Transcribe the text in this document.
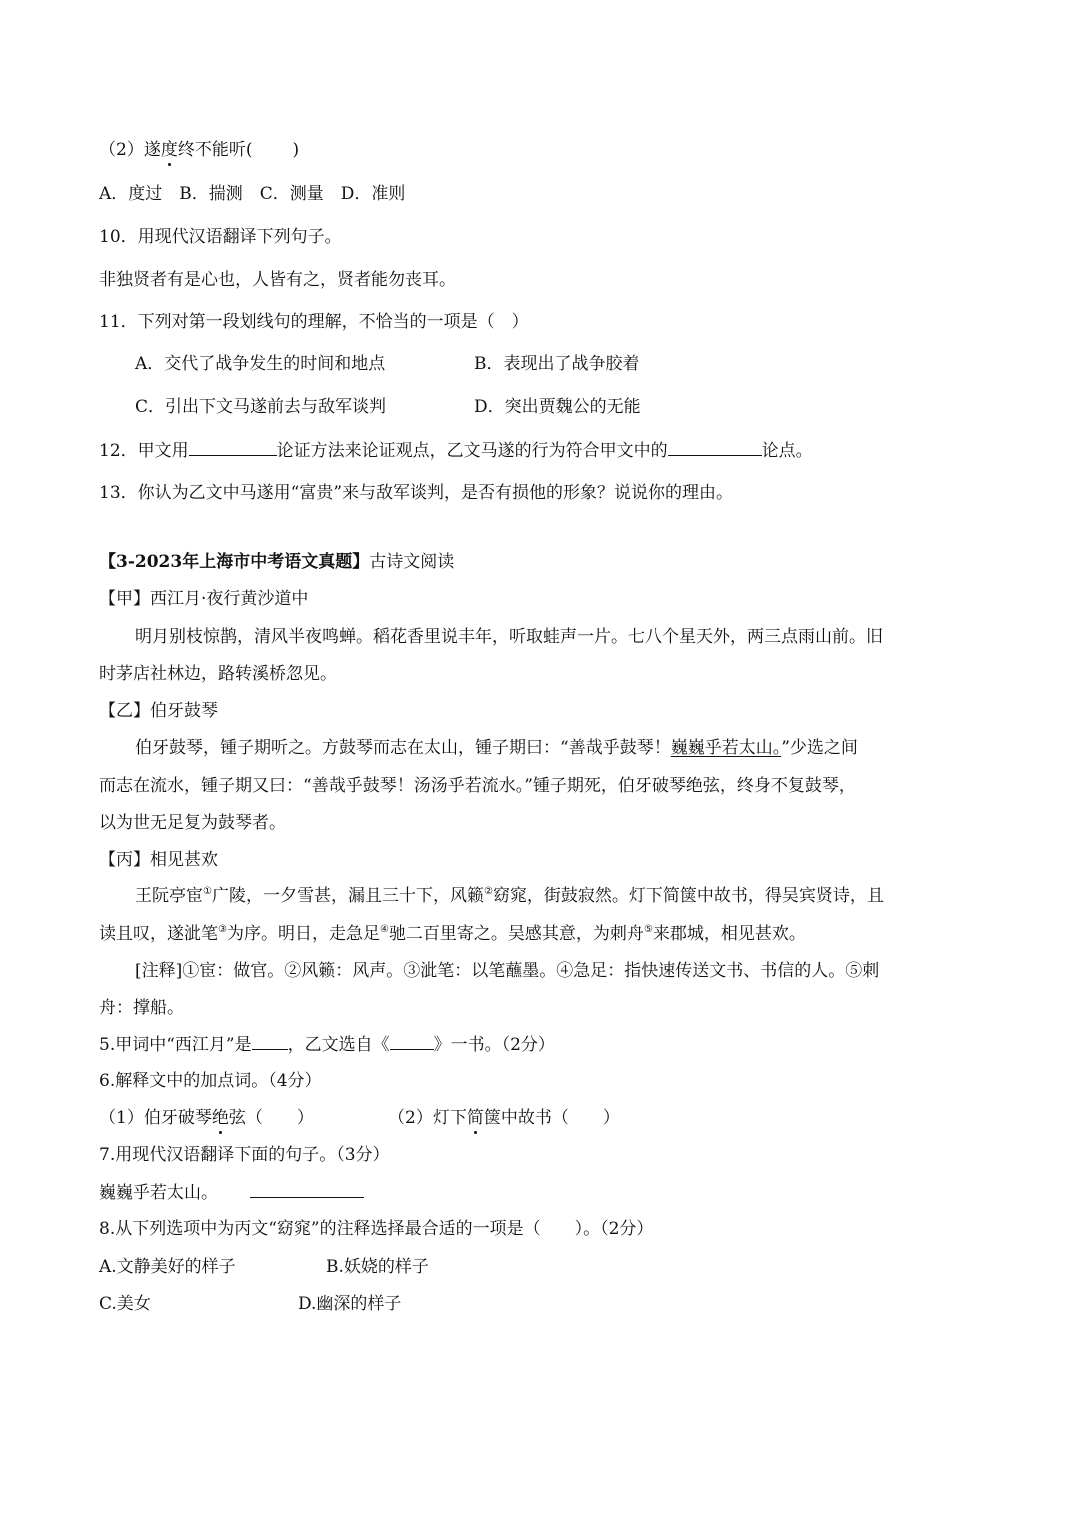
（2）遂度终不能听( )

A．度过　B．揣测　C．测量　D．准则

10．用现代汉语翻译下列句子。

非独贤者有是心也，人皆有之，贤者能勿丧耳。

11．下列对第一段划线句的理解，不恰当的一项是（　）

A．交代了战争发生的时间和地点	B．表现出了战争胶着

C．引出下文马遂前去与敌军谈判	D．突出贾魏公的无能

12．甲文用	论证方法来论证观点，乙文马遂的行为符合甲文中的	论点。

13．你认为乙文中马遂用“富贵”来与敌军谈判，是否有损他的形象？说说你的理由。

【3-2023年上海市中考语文真题】古诗文阅读

【甲】西江月·夜行黄沙道中

明月别枝惊鹊，清风半夜鸣蝉。稻花香里说丰年，听取蛙声一片。七八个星天外，两三点雨山前。旧

时茅店社林边，路转溪桥忽见。

【乙】伯牙鼓琴

伯牙鼓琴，锺子期听之。方鼓琴而志在太山，锺子期曰：“善哉乎鼓琴！巍巍乎若太山。”少选之间

而志在流水，锺子期又曰：“善哉乎鼓琴！汤汤乎若流水。”锺子期死，伯牙破琴绝弦，终身不复鼓琴，

以为世无足复为鼓琴者。

【丙】相见甚欢

王阮亭宦①广陵，一夕雪甚，漏且三十下，风籁②窈窕，街鼓寂然。灯下简箧中故书，得吴宾贤诗，且

读且叹，遂泚笔③为序。明日，走急足④驰二百里寄之。吴感其意，为刺舟⑤来郡城，相见甚欢。

[注释]①宦：做官。②风籁：风声。③泚笔：以笔蘸墨。④急足：指快速传送文书、书信的人。⑤刺

舟：撑船。

5.甲词中“西江月”是 ，乙文选自《	》一书。（2分）

6.解释文中的加点词。（4分）

（1）伯牙破琴绝弦（　　）	（2）灯下简箧中故书（　　）

7.用现代汉语翻译下面的句子。（3分）

巍巍乎若太山。

8.从下列选项中为丙文“窈窕”的注释选择最合适的一项是（　　）。（2分）

A.文静美好的样子	B.妖娆的样子

C.美女	D.幽深的样子
